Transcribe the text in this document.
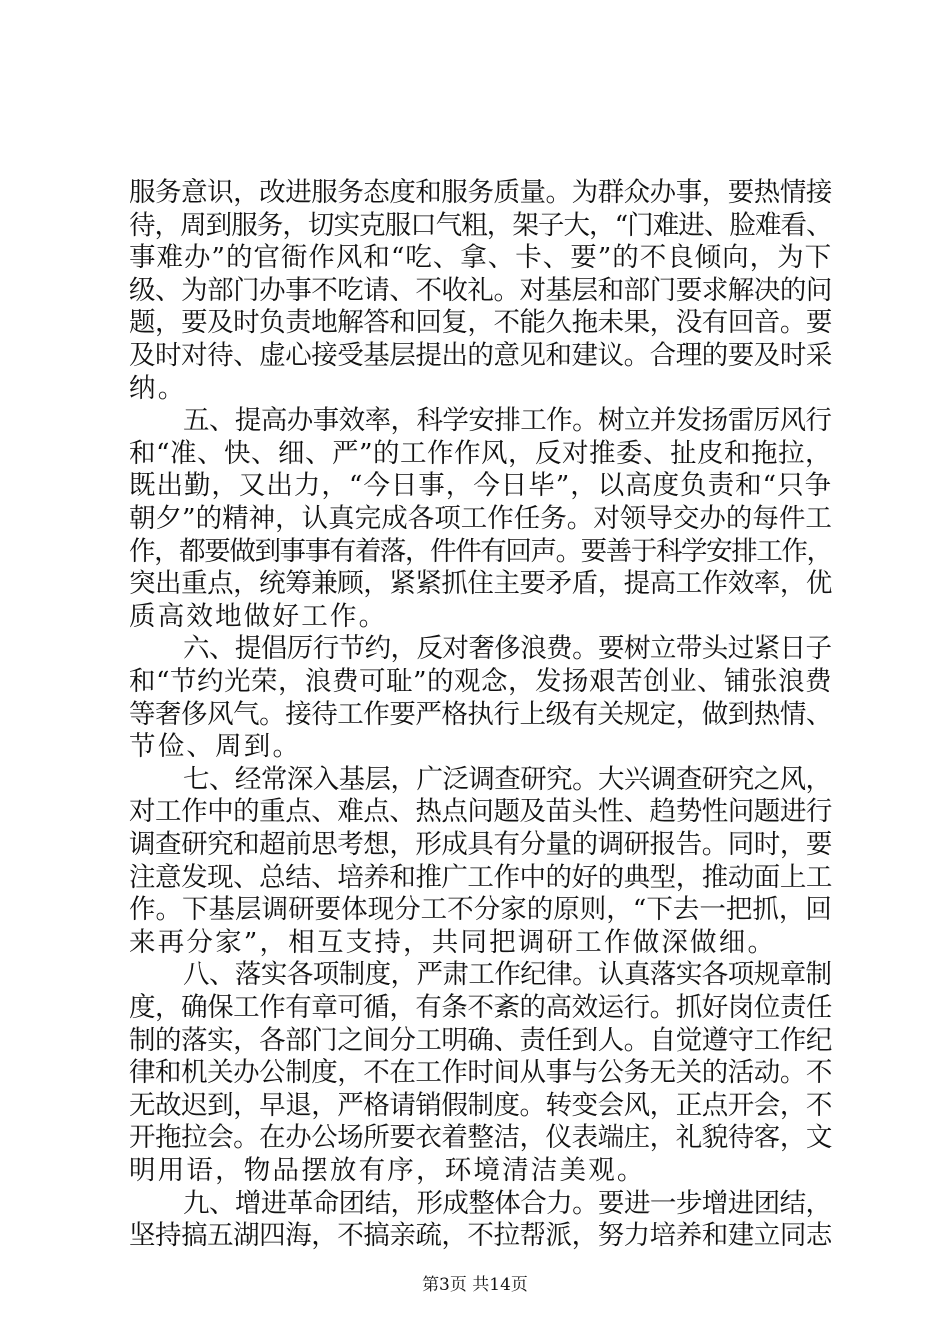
服务意识，改进服务态度和服务质量。为群众办事，要热情接
待，周到服务，切实克服口气粗，架子大，“门难进、脸难看、
事难办”的官衙作风和“吃、拿、卡、要”的不良倾向，为下
级、为部门办事不吃请、不收礼。对基层和部门要求解决的问
题，要及时负责地解答和回复，不能久拖未果，没有回音。要
及时对待、虚心接受基层提出的意见和建议。合理的要及时采
纳。
五、提高办事效率，科学安排工作。树立并发扬雷厉风行
和“准、快、细、严”的工作作风，反对推委、扯皮和拖拉，
既出勤，又出力，“今日事，今日毕”，以高度负责和“只争
朝夕”的精神，认真完成各项工作任务。对领导交办的每件工
作，都要做到事事有着落，件件有回声。要善于科学安排工作，
突出重点，统筹兼顾，紧紧抓住主要矛盾，提高工作效率，优
质高效地做好工作。
六、提倡厉行节约，反对奢侈浪费。要树立带头过紧日子
和“节约光荣，浪费可耻”的观念，发扬艰苦创业、铺张浪费
等奢侈风气。接待工作要严格执行上级有关规定，做到热情、
节俭、周到。
七、经常深入基层，广泛调查研究。大兴调查研究之风，
对工作中的重点、难点、热点问题及苗头性、趋势性问题进行
调查研究和超前思考想，形成具有分量的调研报告。同时，要
注意发现、总结、培养和推广工作中的好的典型，推动面上工
作。下基层调研要体现分工不分家的原则，“下去一把抓，回
来再分家”，相互支持，共同把调研工作做深做细。
八、落实各项制度，严肃工作纪律。认真落实各项规章制
度，确保工作有章可循，有条不紊的高效运行。抓好岗位责任
制的落实，各部门之间分工明确、责任到人。自觉遵守工作纪
律和机关办公制度，不在工作时间从事与公务无关的活动。不
无故迟到，早退，严格请销假制度。转变会风，正点开会，不
开拖拉会。在办公场所要衣着整洁，仪表端庄，礼貌待客，文
明用语，物品摆放有序，环境清洁美观。
九、增进革命团结，形成整体合力。要进一步增进团结，
坚持搞五湖四海，不搞亲疏，不拉帮派，努力培养和建立同志
第3页 共14页
